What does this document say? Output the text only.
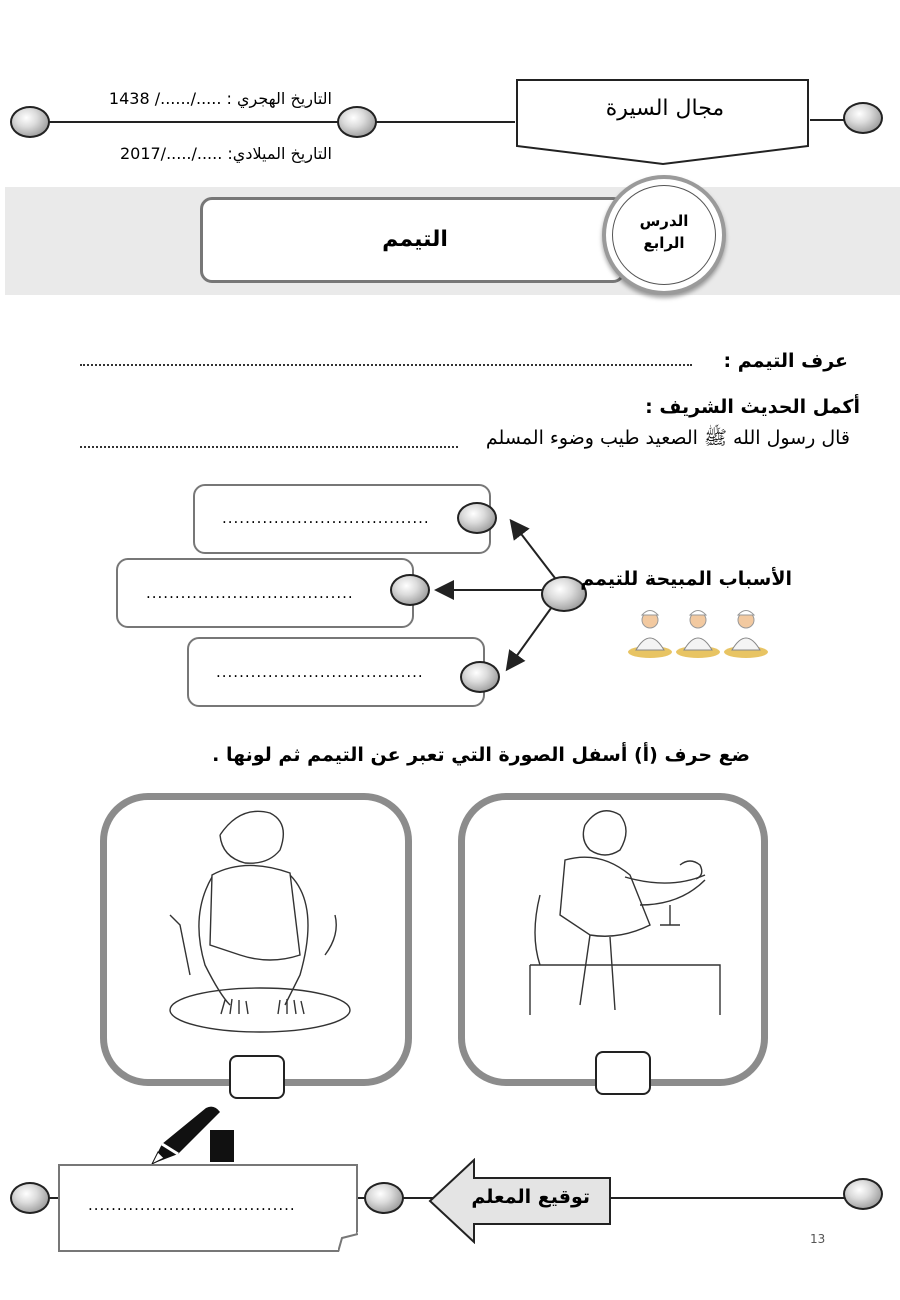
التاريخ الهجري : ...../....../ 1438
التاريخ الميلادي: ...../...../2017
مجال السيرة
التيمم
الدرس
الرابع
عرف التيمم :
أكمل الحديث الشريف :
قال رسول الله ﷺ الصعيد طيب وضوء المسلم
....................................
....................................
....................................
الأسباب المبيحة للتيمم
ضع حرف (أ) أسفل الصورة التي تعبر عن التيمم ثم لونها .
....................................	توقيع المعلم
13
